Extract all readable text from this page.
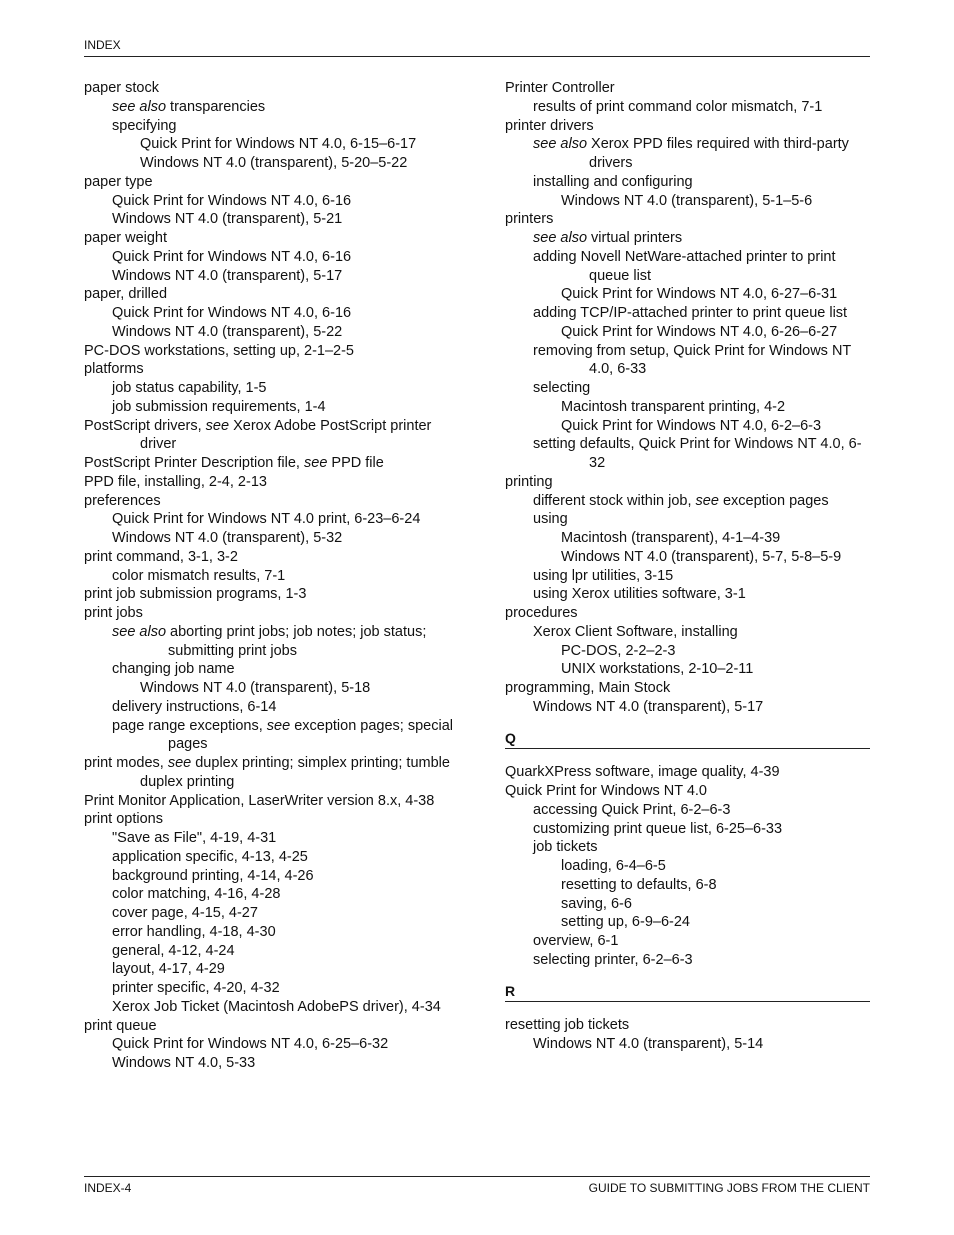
INDEX
paper stock
see also transparencies
specifying
Quick Print for Windows NT 4.0, 6-15–6-17
Windows NT 4.0 (transparent), 5-20–5-22
paper type
Quick Print for Windows NT 4.0, 6-16
Windows NT 4.0 (transparent), 5-21
paper weight
Quick Print for Windows NT 4.0, 6-16
Windows NT 4.0 (transparent), 5-17
paper, drilled
Quick Print for Windows NT 4.0, 6-16
Windows NT 4.0 (transparent), 5-22
PC-DOS workstations, setting up, 2-1–2-5
platforms
job status capability, 1-5
job submission requirements, 1-4
PostScript drivers, see Xerox Adobe PostScript printer driver
PostScript Printer Description file, see PPD file
PPD file, installing, 2-4, 2-13
preferences
Quick Print for Windows NT 4.0 print, 6-23–6-24
Windows NT 4.0 (transparent), 5-32
print command, 3-1, 3-2
color mismatch results, 7-1
print job submission programs, 1-3
print jobs
see also aborting print jobs; job notes; job status; submitting print jobs
changing job name
Windows NT 4.0 (transparent), 5-18
delivery instructions, 6-14
page range exceptions, see exception pages; special pages
print modes, see duplex printing; simplex printing; tumble duplex printing
Print Monitor Application, LaserWriter version 8.x, 4-38
print options
"Save as File", 4-19, 4-31
application specific, 4-13, 4-25
background printing, 4-14, 4-26
color matching, 4-16, 4-28
cover page, 4-15, 4-27
error handling, 4-18, 4-30
general, 4-12, 4-24
layout, 4-17, 4-29
printer specific, 4-20, 4-32
Xerox Job Ticket (Macintosh AdobePS driver), 4-34
print queue
Quick Print for Windows NT 4.0, 6-25–6-32
Windows NT 4.0, 5-33
Printer Controller
results of print command color mismatch, 7-1
printer drivers
see also Xerox PPD files required with third-party drivers
installing and configuring
Windows NT 4.0 (transparent), 5-1–5-6
printers
see also virtual printers
adding Novell NetWare-attached printer to print queue list
Quick Print for Windows NT 4.0, 6-27–6-31
adding TCP/IP-attached printer to print queue list
Quick Print for Windows NT 4.0, 6-26–6-27
removing from setup, Quick Print for Windows NT 4.0, 6-33
selecting
Macintosh transparent printing, 4-2
Quick Print for Windows NT 4.0, 6-2–6-3
setting defaults, Quick Print for Windows NT 4.0, 6-32
printing
different stock within job, see exception pages
using
Macintosh (transparent), 4-1–4-39
Windows NT 4.0 (transparent), 5-7, 5-8–5-9
using lpr utilities, 3-15
using Xerox utilities software, 3-1
procedures
Xerox Client Software, installing
PC-DOS, 2-2–2-3
UNIX workstations, 2-10–2-11
programming, Main Stock
Windows NT 4.0 (transparent), 5-17
Q
QuarkXPress software, image quality, 4-39
Quick Print for Windows NT 4.0
accessing Quick Print, 6-2–6-3
customizing print queue list, 6-25–6-33
job tickets
loading, 6-4–6-5
resetting to defaults, 6-8
saving, 6-6
setting up, 6-9–6-24
overview, 6-1
selecting printer, 6-2–6-3
R
resetting job tickets
Windows NT 4.0 (transparent), 5-14
INDEX-4	GUIDE TO SUBMITTING JOBS FROM THE CLIENT
